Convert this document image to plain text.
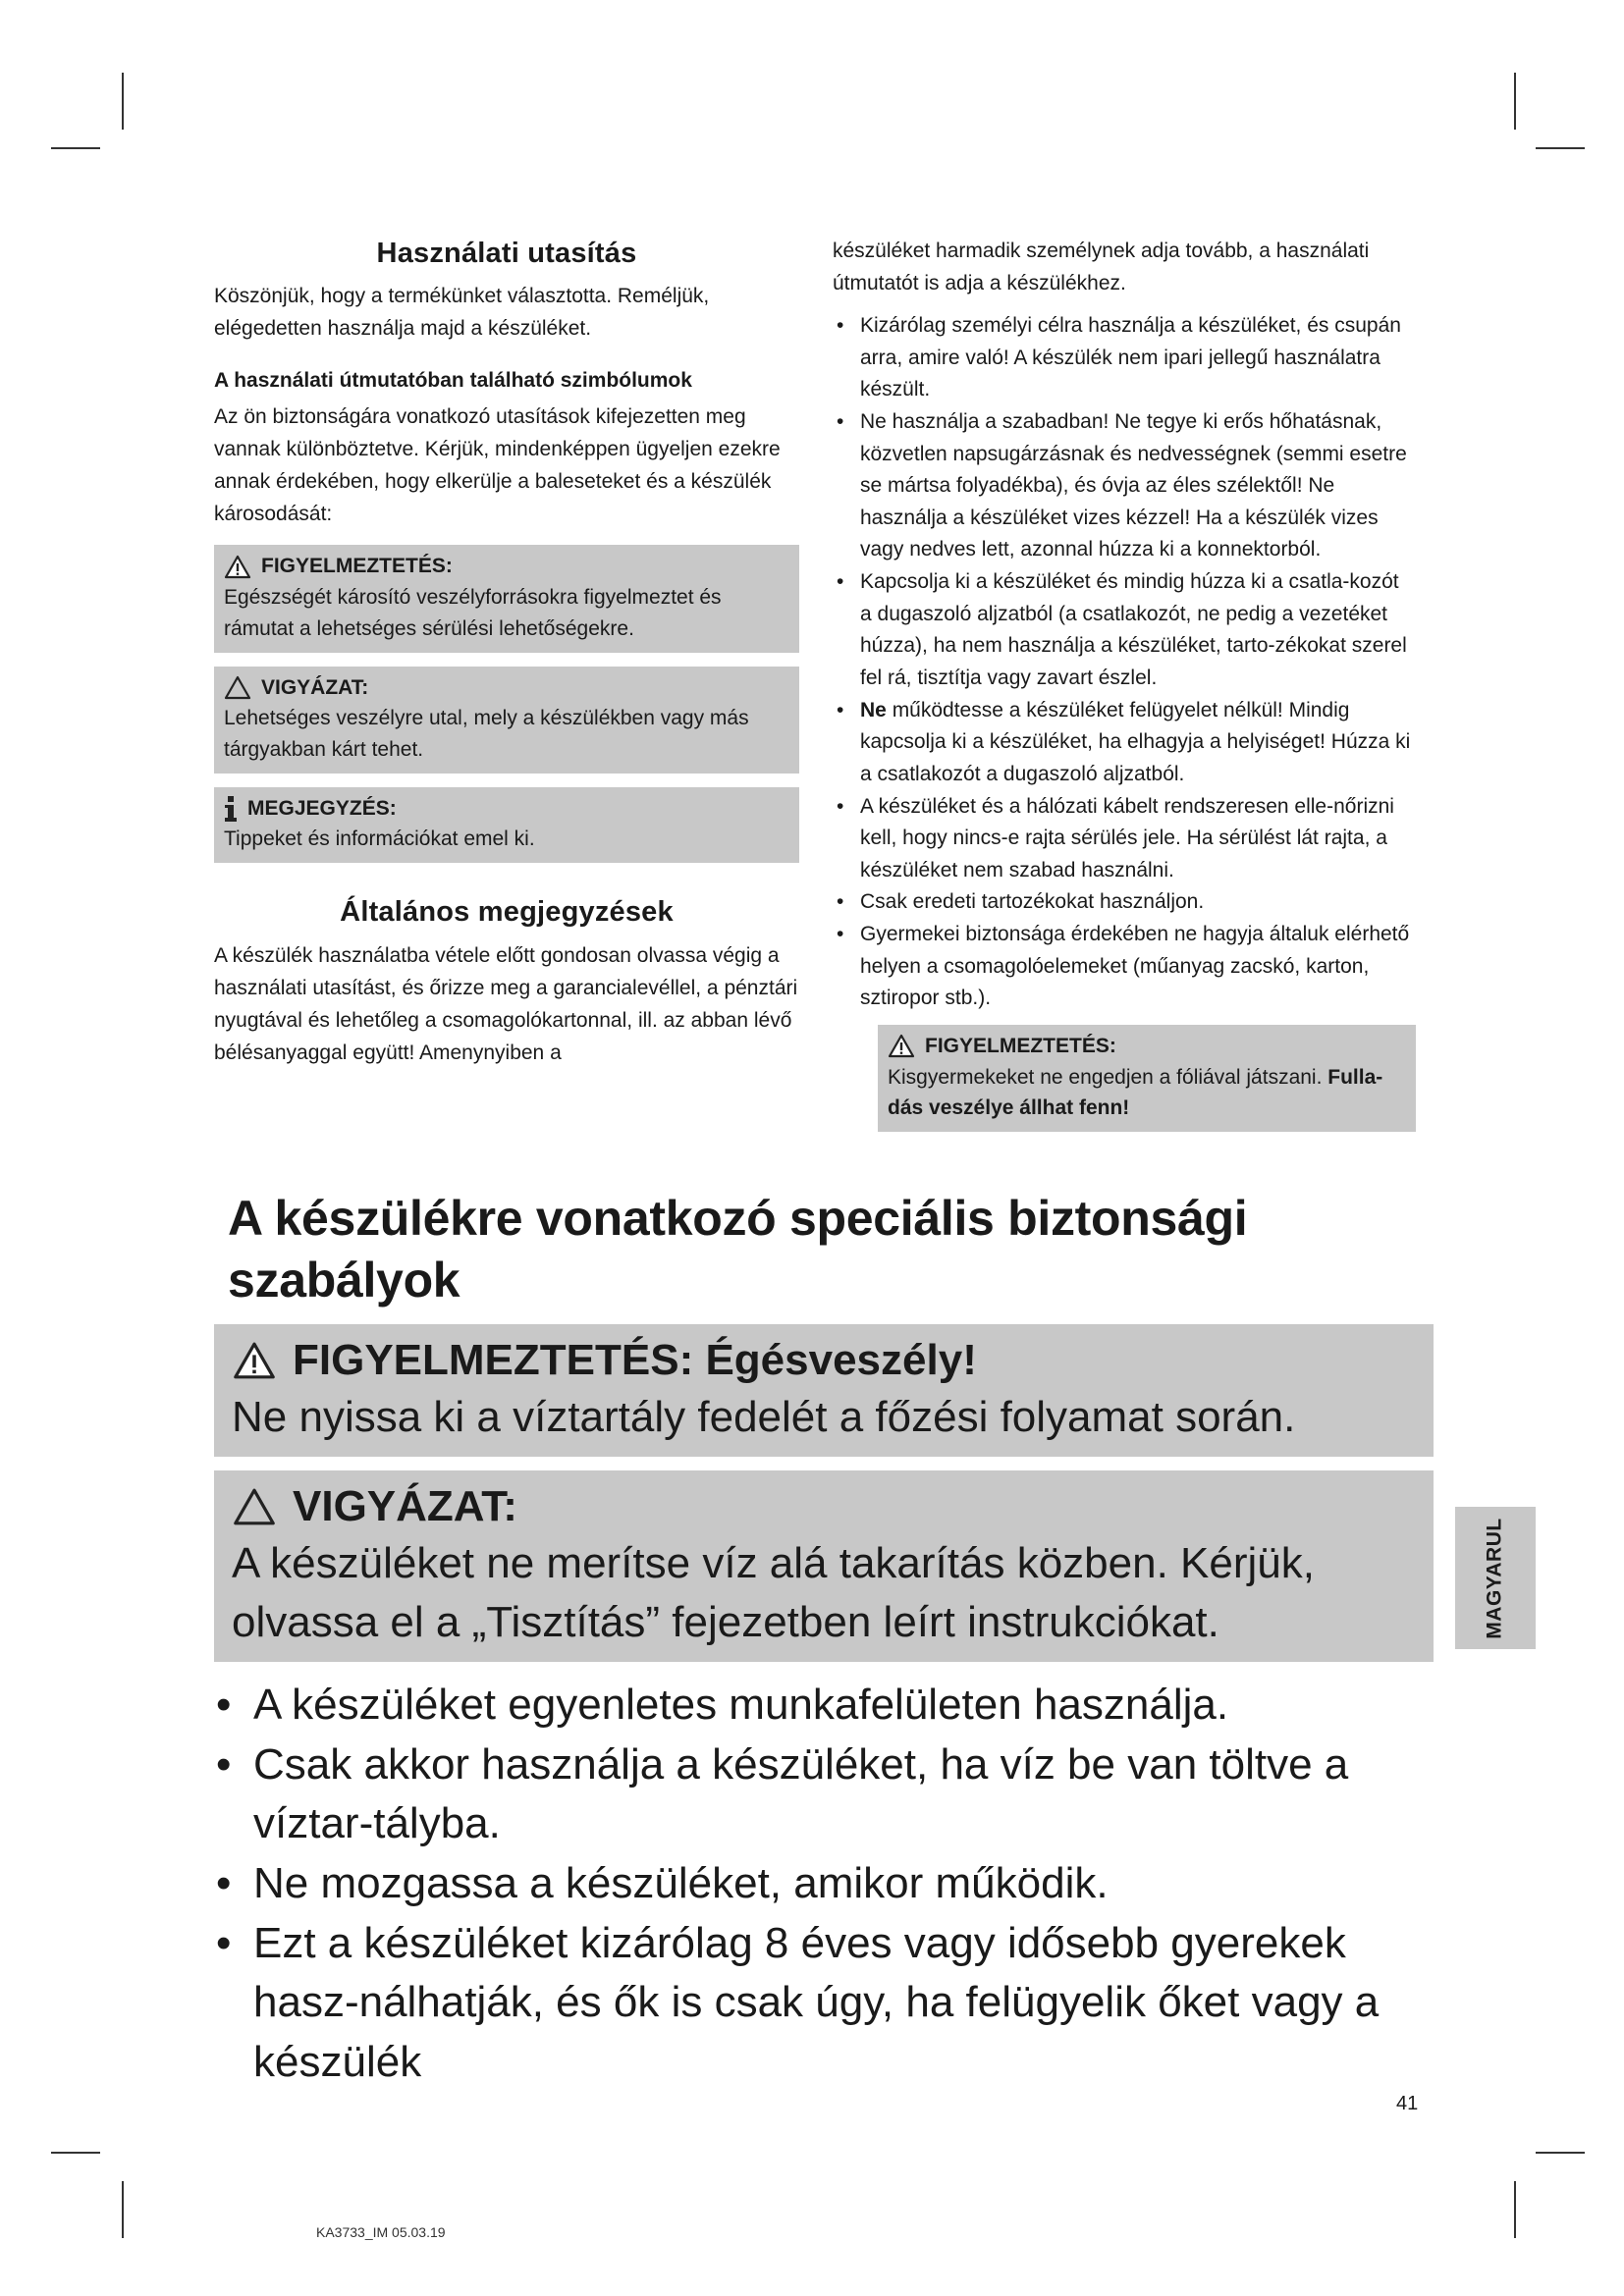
Használati utasítás

Köszönjük, hogy a termékünket választotta. Reméljük, elégedetten használja majd a készüléket.

A használati útmutatóban található szimbólumok

Az ön biztonságára vonatkozó utasítások kifejezetten meg vannak különböztetve. Kérjük, mindenképpen ügyeljen ezekre annak érdekében, hogy elkerülje a baleseteket és a készülék károsodását:

FIGYELMEZTETÉS:
Egészségét károsító veszélyforrásokra figyelmeztet és rámutat a lehetséges sérülési lehetőségekre.
VIGYÁZAT:
Lehetséges veszélyre utal, mely a készülékben vagy más tárgyakban kárt tehet.
MEGJEGYZÉS:
Tippeket és információkat emel ki.
Általános megjegyzések

A készülék használatba vétele előtt gondosan olvassa végig a használati utasítást, és őrizze meg a garancialevéllel, a pénztári nyugtával és lehetőleg a csomagolókartonnal, ill. az abban lévő bélésanyaggal együtt! Amenynyiben a

készüléket harmadik személynek adja tovább, a használati útmutatót is adja a készülékhez.

• Kizárólag személyi célra használja a készüléket, és csupán arra, amire való! A készülék nem ipari jellegű használatra készült.
• Ne használja a szabadban! Ne tegye ki erős hőhatásnak, közvetlen napsugárzásnak és nedvességnek (semmi esetre se mártsa folyadékba), és óvja az éles szélektől! Ne használja a készüléket vizes kézzel! Ha a készülék vizes vagy nedves lett, azonnal húzza ki a konnektorból.
• Kapcsolja ki a készüléket és mindig húzza ki a csatla-kozót a dugaszoló aljzatból (a csatlakozót, ne pedig a vezetéket húzza), ha nem használja a készüléket, tarto-zékokat szerel fel rá, tisztítja vagy zavart észlel.
• Ne működtesse a készüléket felügyelet nélkül! Mindig kapcsolja ki a készüléket, ha elhagyja a helyiséget! Húzza ki a csatlakozót a dugaszoló aljzatból.
• A készüléket és a hálózati kábelt rendszeresen elle-nőrizni kell, hogy nincs-e rajta sérülés jele. Ha sérülést lát rajta, a készüléket nem szabad használni.
• Csak eredeti tartozékokat használjon.
• Gyermekei biztonsága érdekében ne hagyja általuk elérhető helyen a csomagolóelemeket (műanyag zacskó, karton, sztiropor stb.).
FIGYELMEZTETÉS:
Kisgyermekeket ne engedjen a fóliával játszani. Fulla-dás veszélye állhat fenn!
A készülékre vonatkozó speciális biztonsági szabályok
FIGYELMEZTETÉS: Égésveszély!
Ne nyissa ki a víztartály fedelét a főzési folyamat során.
VIGYÁZAT:
A készüléket ne merítse víz alá takarítás közben. Kérjük, olvassa el a „Tisztítás” fejezetben leírt instrukciókat.
• A készüléket egyenletes munkafelületen használja.
• Csak akkor használja a készüléket, ha víz be van töltve a víztar-tályba.
• Ne mozgassa a készüléket, amikor működik.
• Ezt a készüléket kizárólag 8 éves vagy idősebb gyerekek hasz-nálhatják, és ők is csak úgy, ha felügyelik őket vagy a készülék
MAGYARUL
41
KA3733_IM 05.03.19
